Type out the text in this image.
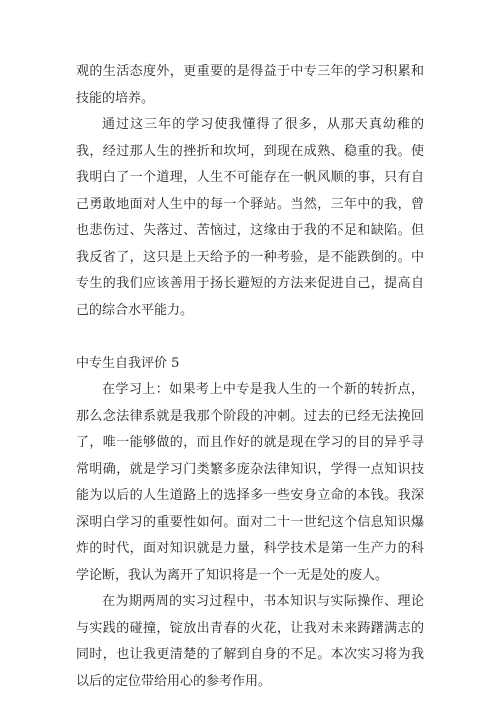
观的生活态度外，更重要的是得益于中专三年的学习积累和技能的培养。

通过这三年的学习使我懂得了很多，从那天真幼稚的我，经过那人生的挫折和坎坷，到现在成熟、稳重的我。使我明白了一个道理，人生不可能存在一帆风顺的事，只有自己勇敢地面对人生中的每一个驿站。当然，三年中的我，曾也悲伤过、失落过、苦恼过，这缘由于我的不足和缺陷。但我反省了，这只是上天给予的一种考验，是不能跌倒的。中专生的我们应该善用于扬长避短的方法来促进自己，提高自己的综合水平能力。

中专生自我评价 5

在学习上：如果考上中专是我人生的一个新的转折点，那么念法律系就是我那个阶段的冲刺。过去的已经无法挽回了，唯一能够做的，而且作好的就是现在学习的目的异乎寻常明确，就是学习门类繁多庞杂法律知识，学得一点知识技能为以后的人生道路上的选择多一些安身立命的本钱。我深深明白学习的重要性如何。面对二十一世纪这个信息知识爆炸的时代，面对知识就是力量，科学技术是第一生产力的科学论断，我认为离开了知识将是一个一无是处的废人。

在为期两周的实习过程中，书本知识与实际操作、理论与实践的碰撞，锭放出青春的火花，让我对未来踌躇满志的同时，也让我更清楚的了解到自身的不足。本次实习将为我以后的定位带给用心的参考作用。
